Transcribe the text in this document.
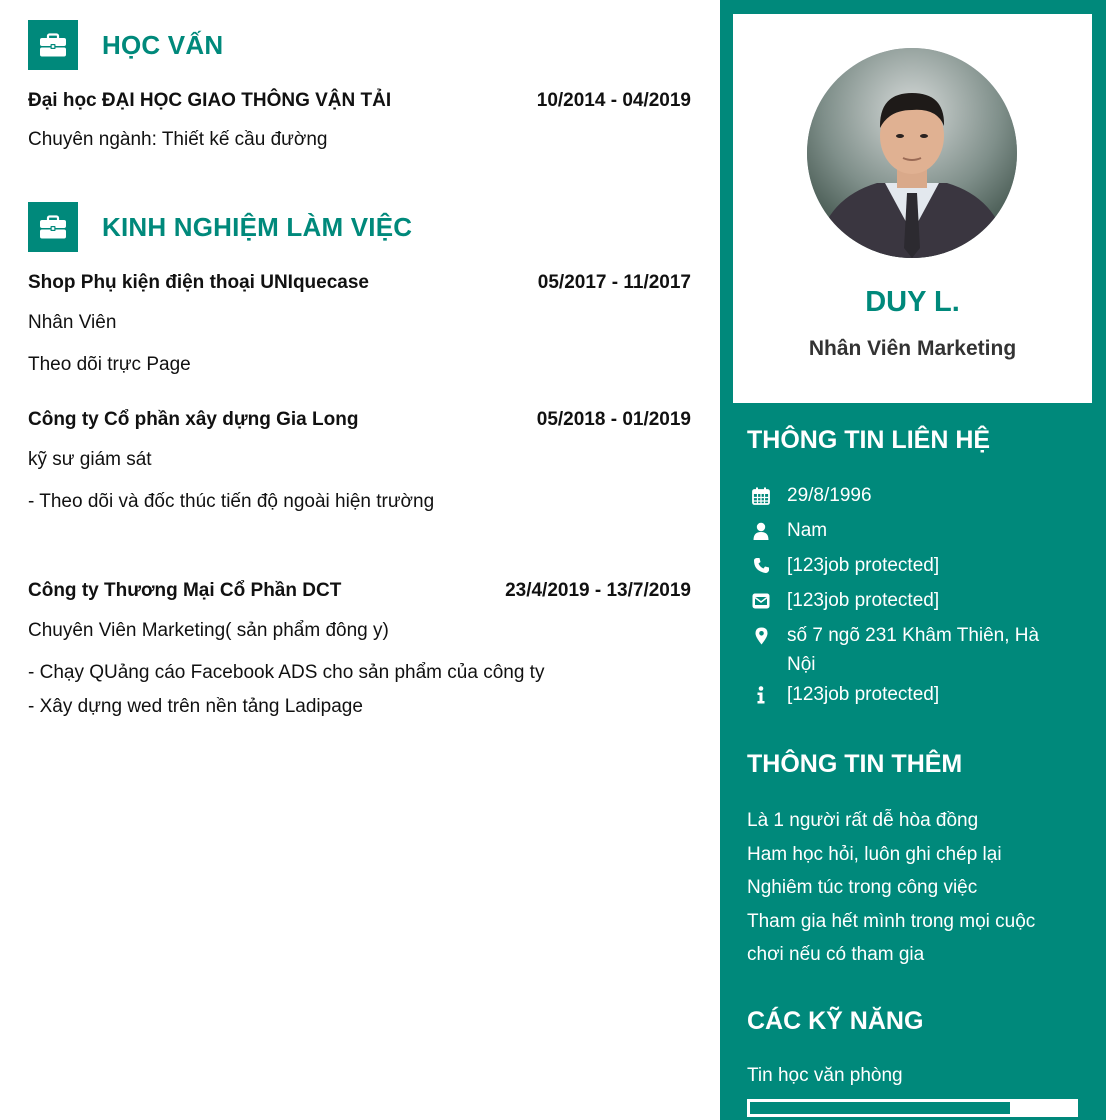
HỌC VẤN
Đại học ĐẠI HỌC GIAO THÔNG VẬN TẢI	10/2014 - 04/2019
Chuyên ngành: Thiết kế cầu đường
KINH NGHIỆM LÀM VIỆC
Shop Phụ kiện điện thoại UNIquecase	05/2017 - 11/2017
Nhân Viên
Theo dõi trực Page
Công ty Cổ phần xây dựng Gia Long	05/2018 - 01/2019
kỹ sư giám sát
- Theo dõi và đốc thúc tiến độ ngoài hiện trường
Công ty Thương Mại Cổ Phần DCT	23/4/2019 - 13/7/2019
Chuyên Viên Marketing( sản phẩm đông y)
- Chạy QUảng cáo Facebook ADS cho sản phẩm của công ty
- Xây dựng wed trên nền tảng Ladipage
DUY L.
Nhân Viên Marketing
THÔNG TIN LIÊN HỆ
29/8/1996
Nam
[123job protected]
[123job protected]
số 7 ngõ 231 Khâm Thiên, Hà Nội
[123job protected]
THÔNG TIN THÊM
Là 1 người rất dễ hòa đồng
Ham học hỏi, luôn ghi chép lại
Nghiêm túc trong công việc
Tham gia hết mình trong mọi cuộc
chơi nếu có tham gia
CÁC KỸ NĂNG
Tin học văn phòng
